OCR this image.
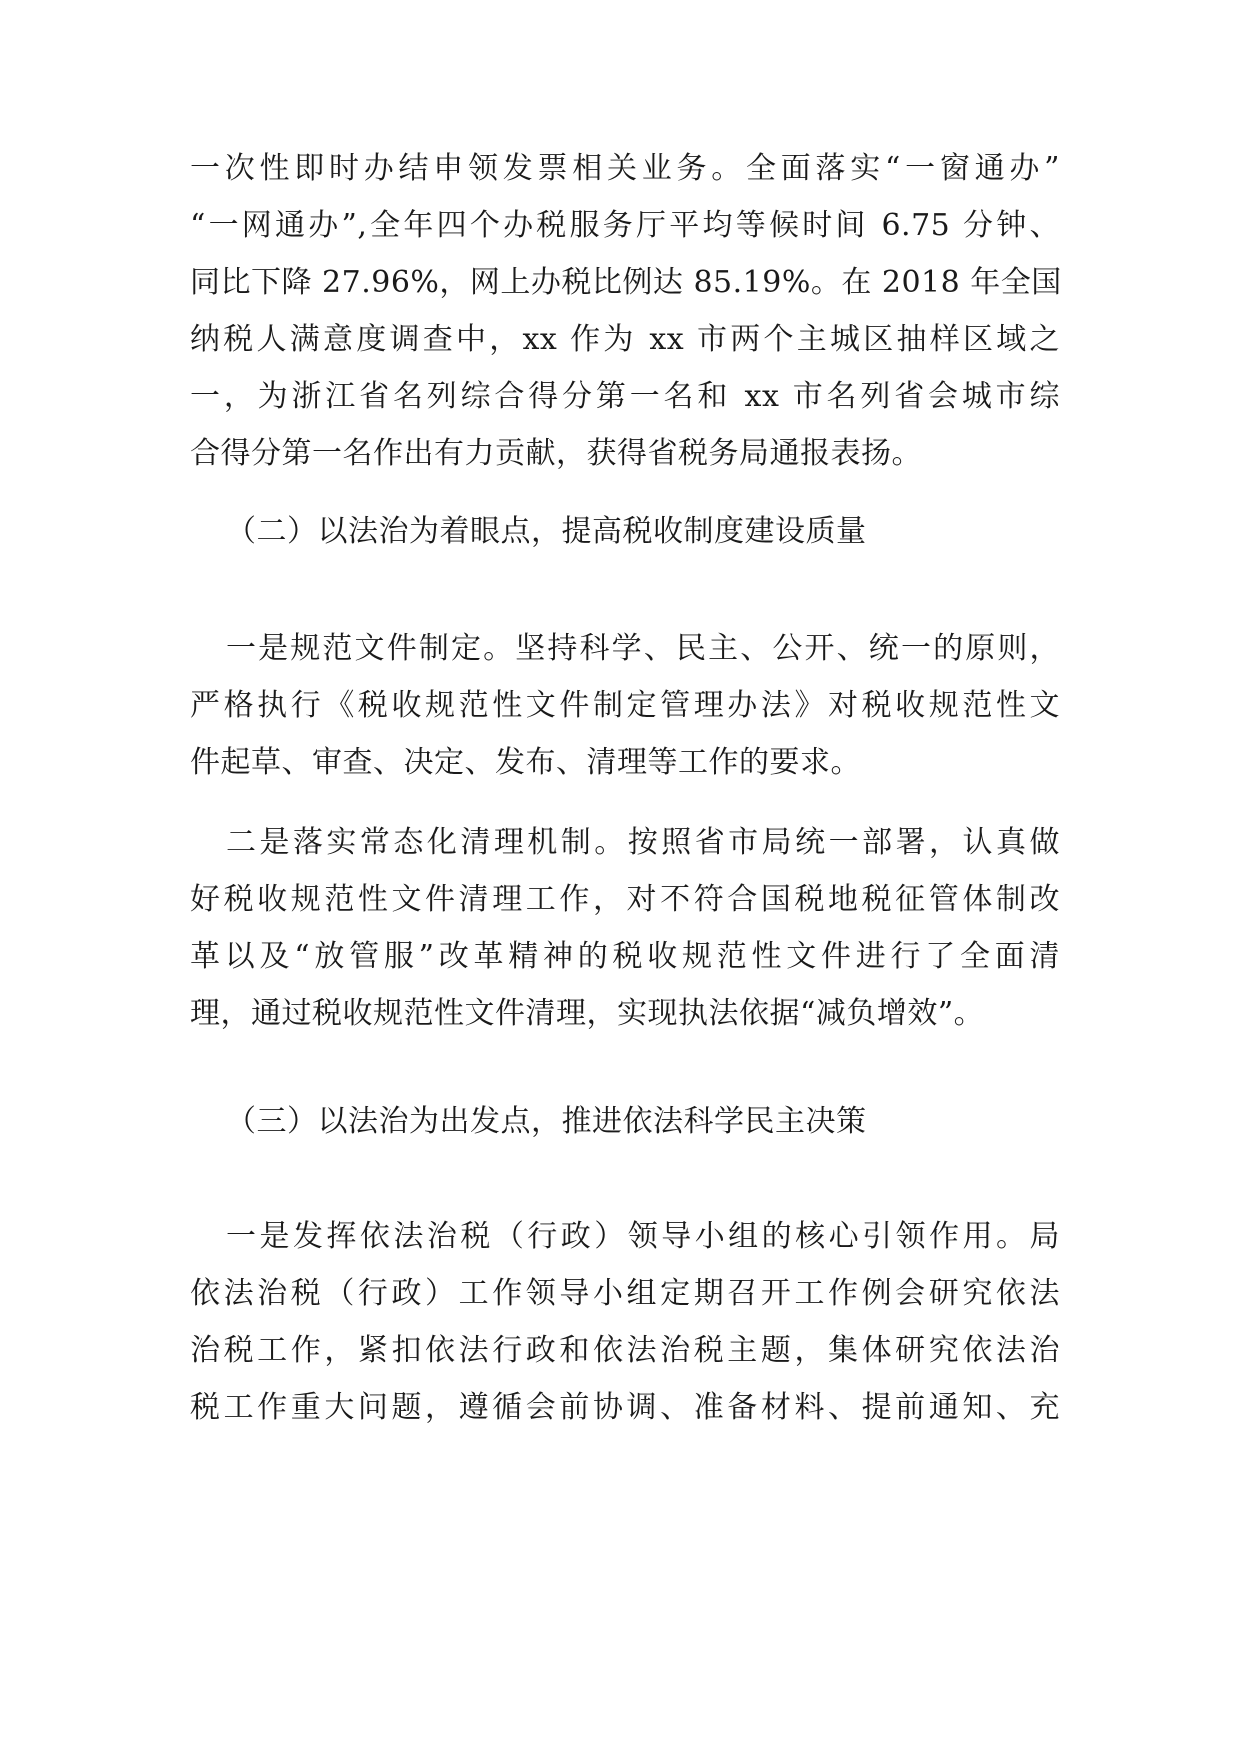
一次性即时办结申领发票相关业务。全面落实“一窗通办”
“一网通办”,全年四个办税服务厅平均等候时间 6.75 分钟、
同比下降 27.96%，网上办税比例达 85.19%。在 2018 年全国
纳税人满意度调查中，xx 作为 xx 市两个主城区抽样区域之
一，为浙江省名列综合得分第一名和 xx 市名列省会城市综
合得分第一名作出有力贡献，获得省税务局通报表扬。
（二）以法治为着眼点，提高税收制度建设质量
一是规范文件制定。坚持科学、民主、公开、统一的原则，
严格执行《税收规范性文件制定管理办法》对税收规范性文
件起草、审查、决定、发布、清理等工作的要求。
二是落实常态化清理机制。按照省市局统一部署，认真做
好税收规范性文件清理工作，对不符合国税地税征管体制改
革以及“放管服”改革精神的税收规范性文件进行了全面清
理，通过税收规范性文件清理，实现执法依据“减负增效”。
（三）以法治为出发点，推进依法科学民主决策
一是发挥依法治税（行政）领导小组的核心引领作用。局
依法治税（行政）工作领导小组定期召开工作例会研究依法
治税工作，紧扣依法行政和依法治税主题，集体研究依法治
税工作重大问题，遵循会前协调、准备材料、提前通知、充
